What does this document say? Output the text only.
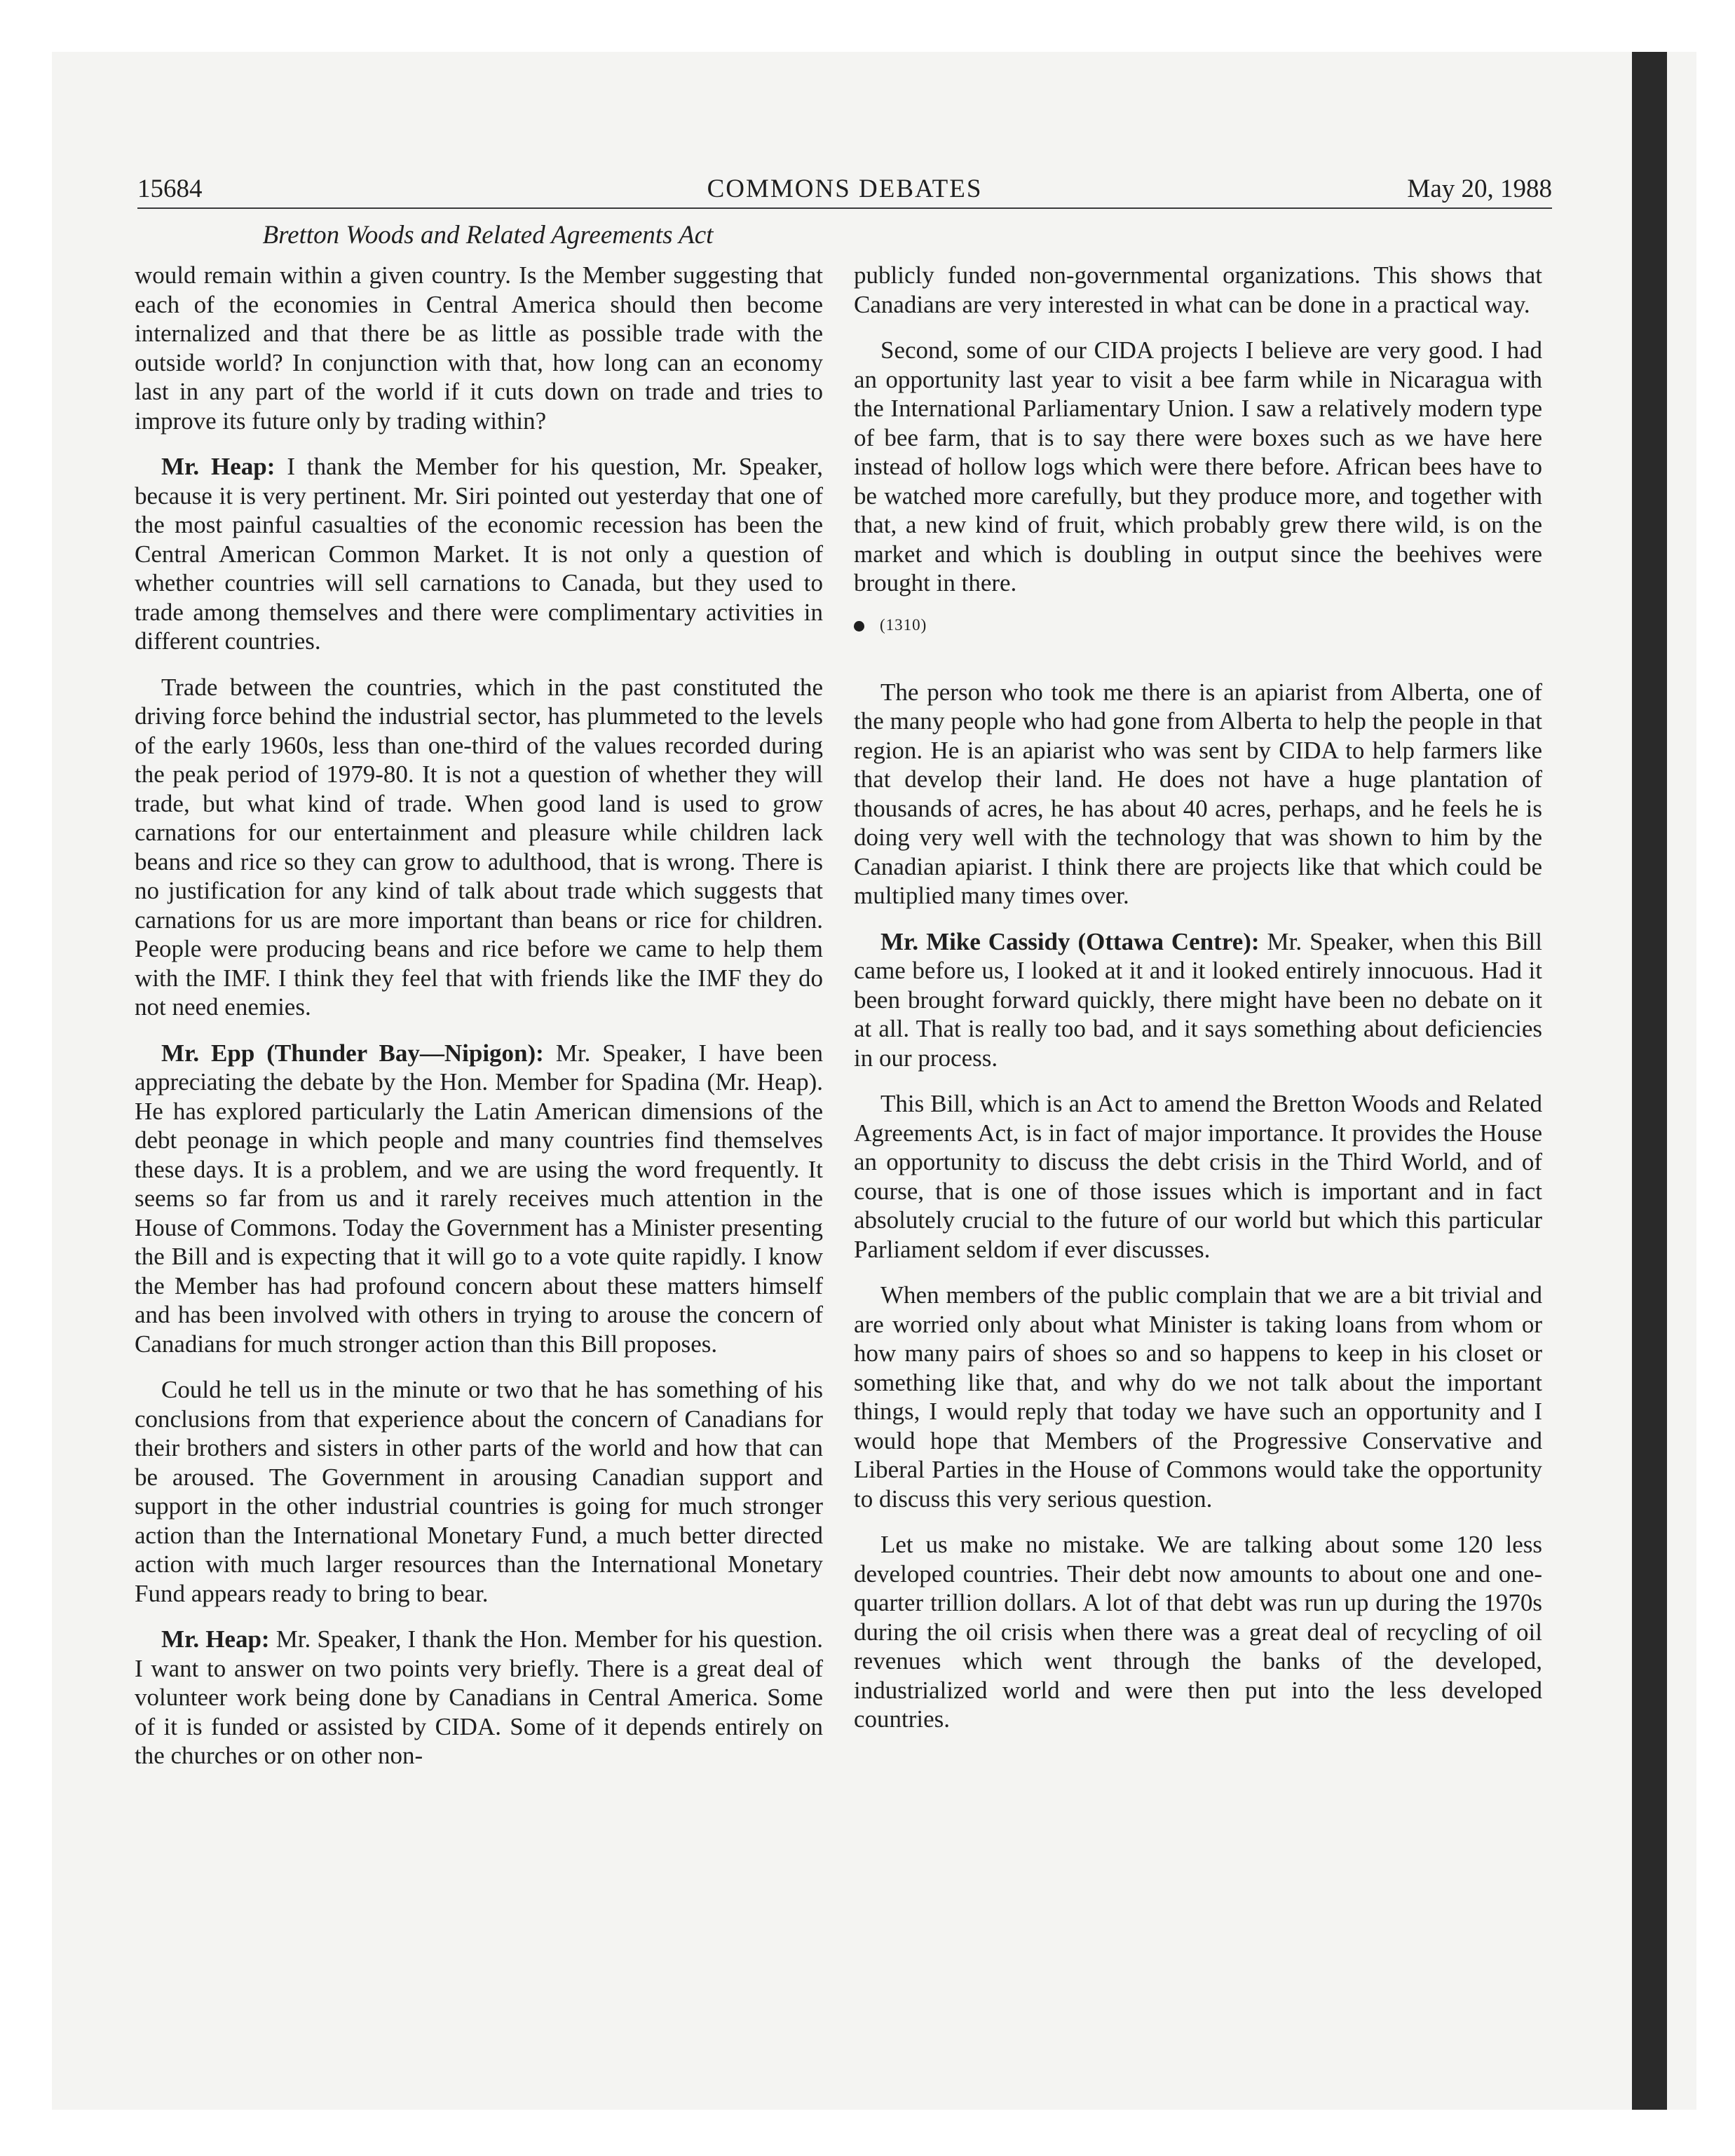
15684	COMMONS DEBATES	May 20, 1988
Bretton Woods and Related Agreements Act

would remain within a given country. Is the Member suggesting that each of the economies in Central America should then become internalized and that there be as little as possible trade with the outside world? In conjunction with that, how long can an economy last in any part of the world if it cuts down on trade and tries to improve its future only by trading within?

Mr. Heap: I thank the Member for his question, Mr. Speaker, because it is very pertinent. Mr. Siri pointed out yesterday that one of the most painful casualties of the economic recession has been the Central American Common Market. It is not only a question of whether countries will sell carnations to Canada, but they used to trade among themselves and there were complimentary activities in different countries.

Trade between the countries, which in the past constituted the driving force behind the industrial sector, has plummeted to the levels of the early 1960s, less than one-third of the values recorded during the peak period of 1979-80. It is not a question of whether they will trade, but what kind of trade. When good land is used to grow carnations for our entertainment and pleasure while children lack beans and rice so they can grow to adulthood, that is wrong. There is no justification for any kind of talk about trade which suggests that carnations for us are more important than beans or rice for children. People were producing beans and rice before we came to help them with the IMF. I think they feel that with friends like the IMF they do not need enemies.

Mr. Epp (Thunder Bay—Nipigon): Mr. Speaker, I have been appreciating the debate by the Hon. Member for Spadina (Mr. Heap). He has explored particularly the Latin American dimensions of the debt peonage in which people and many countries find themselves these days. It is a problem, and we are using the word frequently. It seems so far from us and it rarely receives much attention in the House of Commons. Today the Government has a Minister presenting the Bill and is expecting that it will go to a vote quite rapidly. I know the Member has had profound concern about these matters himself and has been involved with others in trying to arouse the concern of Canadians for much stronger action than this Bill proposes.

Could he tell us in the minute or two that he has something of his conclusions from that experience about the concern of Canadians for their brothers and sisters in other parts of the world and how that can be aroused. The Government in arousing Canadian support and support in the other industrial countries is going for much stronger action than the International Monetary Fund, a much better directed action with much larger resources than the International Monetary Fund appears ready to bring to bear.

Mr. Heap: Mr. Speaker, I thank the Hon. Member for his question. I want to answer on two points very briefly. There is a great deal of volunteer work being done by Canadians in Central America. Some of it is funded or assisted by CIDA. Some of it depends entirely on the churches or on other non-

publicly funded non-governmental organizations. This shows that Canadians are very interested in what can be done in a practical way.

Second, some of our CIDA projects I believe are very good. I had an opportunity last year to visit a bee farm while in Nicaragua with the International Parliamentary Union. I saw a relatively modern type of bee farm, that is to say there were boxes such as we have here instead of hollow logs which were there before. African bees have to be watched more carefully, but they produce more, and together with that, a new kind of fruit, which probably grew there wild, is on the market and which is doubling in output since the beehives were brought in there.

(1310)

The person who took me there is an apiarist from Alberta, one of the many people who had gone from Alberta to help the people in that region. He is an apiarist who was sent by CIDA to help farmers like that develop their land. He does not have a huge plantation of thousands of acres, he has about 40 acres, perhaps, and he feels he is doing very well with the technology that was shown to him by the Canadian apiarist. I think there are projects like that which could be multiplied many times over.

Mr. Mike Cassidy (Ottawa Centre): Mr. Speaker, when this Bill came before us, I looked at it and it looked entirely innocuous. Had it been brought forward quickly, there might have been no debate on it at all. That is really too bad, and it says something about deficiencies in our process.

This Bill, which is an Act to amend the Bretton Woods and Related Agreements Act, is in fact of major importance. It provides the House an opportunity to discuss the debt crisis in the Third World, and of course, that is one of those issues which is important and in fact absolutely crucial to the future of our world but which this particular Parliament seldom if ever discusses.

When members of the public complain that we are a bit trivial and are worried only about what Minister is taking loans from whom or how many pairs of shoes so and so happens to keep in his closet or something like that, and why do we not talk about the important things, I would reply that today we have such an opportunity and I would hope that Members of the Progressive Conservative and Liberal Parties in the House of Commons would take the opportunity to discuss this very serious question.

Let us make no mistake. We are talking about some 120 less developed countries. Their debt now amounts to about one and one-quarter trillion dollars. A lot of that debt was run up during the 1970s during the oil crisis when there was a great deal of recycling of oil revenues which went through the banks of the developed, industrialized world and were then put into the less developed countries.
